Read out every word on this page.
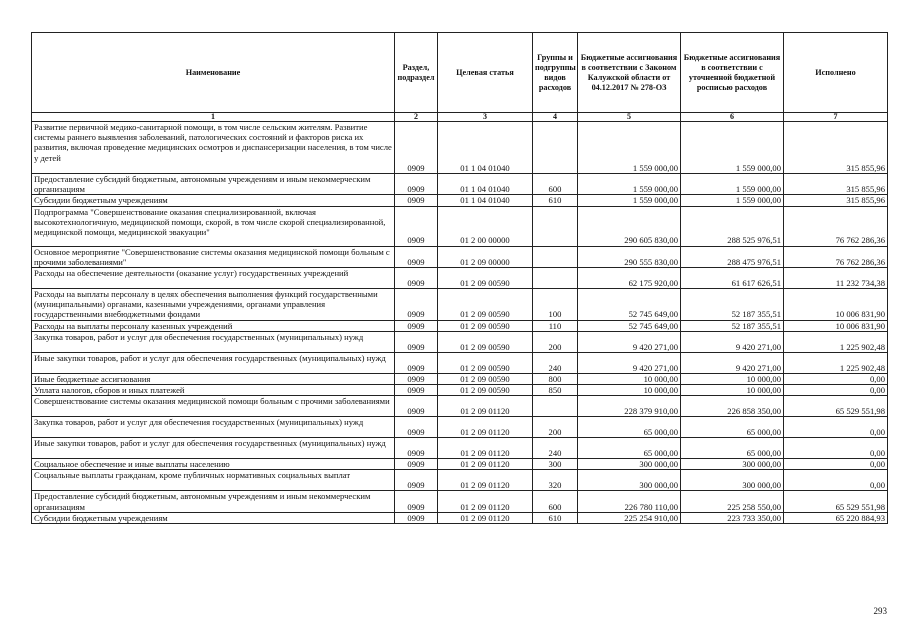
Наименование	Раздел, подраздел	Целевая статья	Группы и подгруппы видов расходов	Бюджетные ассигнования в соответствии с Законом Калужской области от 04.12.2017 № 278-ОЗ	Бюджетные ассигнования в соответствии с уточненной бюджетной росписью расходов	Исполнено
1	2	3	4	5	6	7
Развитие первичной медико-санитарной помощи, в том числе сельским жителям. Развитие системы раннего выявления заболеваний, патологических состояний и факторов риска их развития, включая проведение медицинских осмотров и диспансеризации населения, в том числе у детей	0909	01 1 04 01040		1 559 000,00	1 559 000,00	315 855,96
Предоставление субсидий бюджетным, автономным учреждениям и иным некоммерческим организациям	0909	01 1 04 01040	600	1 559 000,00	1 559 000,00	315 855,96
Субсидии бюджетным учреждениям	0909	01 1 04 01040	610	1 559 000,00	1 559 000,00	315 855,96
Подпрограмма "Совершенствование оказания специализированной, включая высокотехнологичную, медицинской помощи, скорой, в том числе скорой специализированной, медицинской помощи, медицинской эвакуации"	0909	01 2 00 00000		290 605 830,00	288 525 976,51	76 762 286,36
Основное мероприятие "Совершенствование системы оказания медицинской помощи больным с прочими заболеваниями"	0909	01 2 09 00000		290 555 830,00	288 475 976,51	76 762 286,36
Расходы на обеспечение деятельности (оказание услуг) государственных учреждений	0909	01 2 09 00590		62 175 920,00	61 617 626,51	11 232 734,38
Расходы на выплаты персоналу в целях обеспечения выполнения функций государственными (муниципальными) органами, казенными учреждениями, органами управления государственными внебюджетными фондами	0909	01 2 09 00590	100	52 745 649,00	52 187 355,51	10 006 831,90
Расходы на выплаты персоналу казенных учреждений	0909	01 2 09 00590	110	52 745 649,00	52 187 355,51	10 006 831,90
Закупка товаров, работ и услуг для обеспечения государственных (муниципальных) нужд	0909	01 2 09 00590	200	9 420 271,00	9 420 271,00	1 225 902,48
Иные закупки товаров, работ и услуг для обеспечения государственных (муниципальных) нужд	0909	01 2 09 00590	240	9 420 271,00	9 420 271,00	1 225 902,48
Иные бюджетные ассигнования	0909	01 2 09 00590	800	10 000,00	10 000,00	0,00
Уплата налогов, сборов и иных платежей	0909	01 2 09 00590	850	10 000,00	10 000,00	0,00
Совершенствование системы оказания медицинской помощи больным с прочими заболеваниями	0909	01 2 09 01120		228 379 910,00	226 858 350,00	65 529 551,98
Закупка товаров, работ и услуг для обеспечения государственных (муниципальных) нужд	0909	01 2 09 01120	200	65 000,00	65 000,00	0,00
Иные закупки товаров, работ и услуг для обеспечения государственных (муниципальных) нужд	0909	01 2 09 01120	240	65 000,00	65 000,00	0,00
Социальное обеспечение и иные выплаты населению	0909	01 2 09 01120	300	300 000,00	300 000,00	0,00
Социальные выплаты гражданам, кроме публичных нормативных социальных выплат	0909	01 2 09 01120	320	300 000,00	300 000,00	0,00
Предоставление субсидий бюджетным, автономным учреждениям и иным некоммерческим организациям	0909	01 2 09 01120	600	226 780 110,00	225 258 550,00	65 529 551,98
Субсидии бюджетным учреждениям	0909	01 2 09 01120	610	225 254 910,00	223 733 350,00	65 220 884,93
293
